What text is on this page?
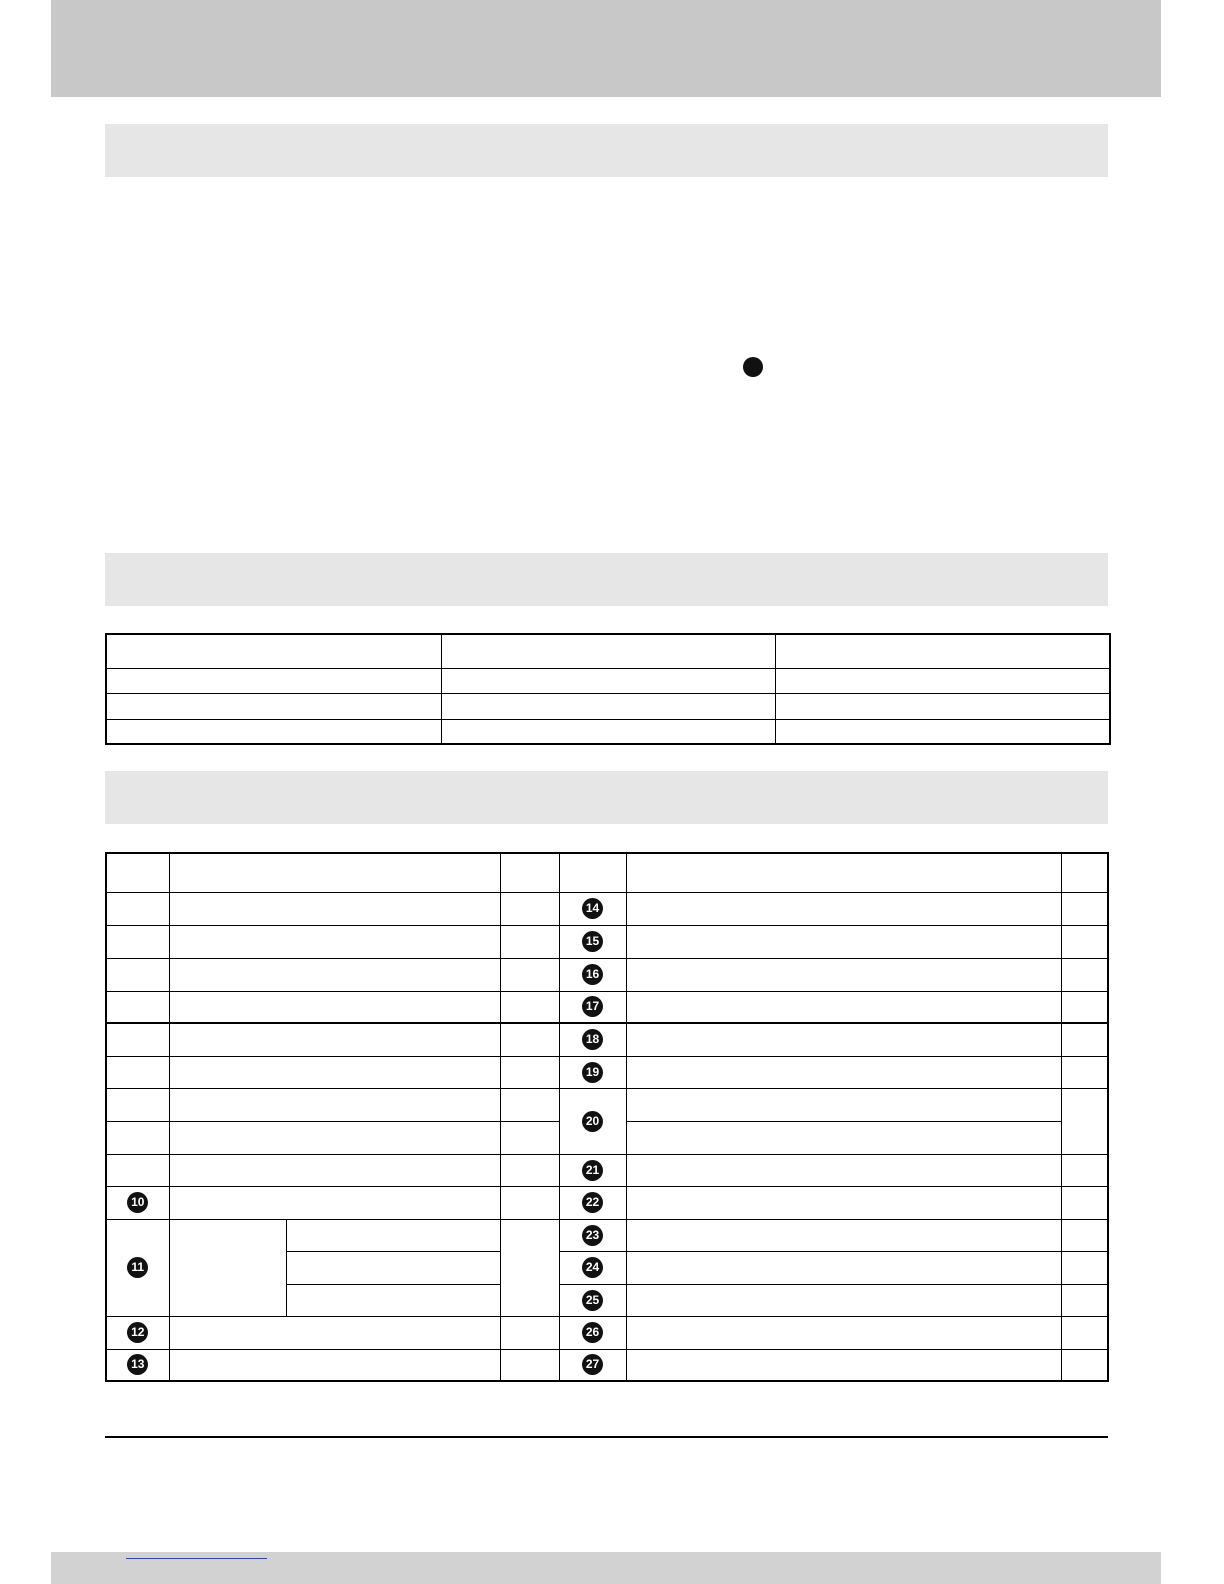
				14		
				15		
				16		
				17		
				18		
				19		
				20		

				21		
10				22		
11				23		
				24		
				25		
12				26		
13				27		
